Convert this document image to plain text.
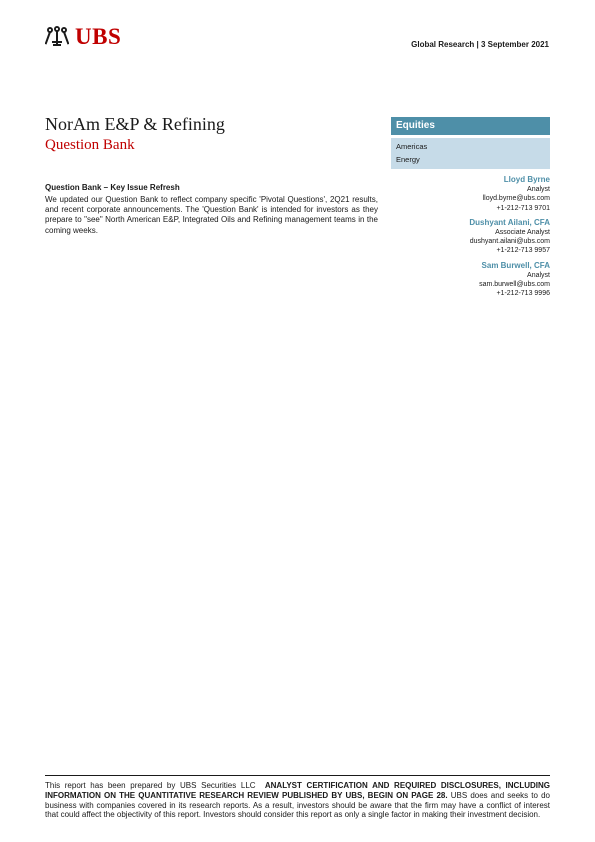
UBS	Global Research | 3 September 2021
NorAm E&P & Refining
Question Bank

Question Bank – Key Issue Refresh

We updated our Question Bank to reflect company specific 'Pivotal Questions', 2Q21 results, and recent corporate announcements. The 'Question Bank' is intended for investors as they prepare to "see" North American E&P, Integrated Oils and Refining management teams in the coming weeks.

Equities
Americas
Energy
Lloyd Byrne
Analyst
lloyd.byrne@ubs.com
+1-212-713 9701
Dushyant Ailani, CFA
Associate Analyst
dushyant.ailani@ubs.com
+1-212-713 9957
Sam Burwell, CFA
Analyst
sam.burwell@ubs.com
+1-212-713 9996

This report has been prepared by UBS Securities LLC ANALYST CERTIFICATION AND REQUIRED DISCLOSURES, INCLUDING INFORMATION ON THE QUANTITATIVE RESEARCH REVIEW PUBLISHED BY UBS, BEGIN ON PAGE 28. UBS does and seeks to do business with companies covered in its research reports. As a result, investors should be aware that the firm may have a conflict of interest that could affect the objectivity of this report. Investors should consider this report as only a single factor in making their investment decision.
